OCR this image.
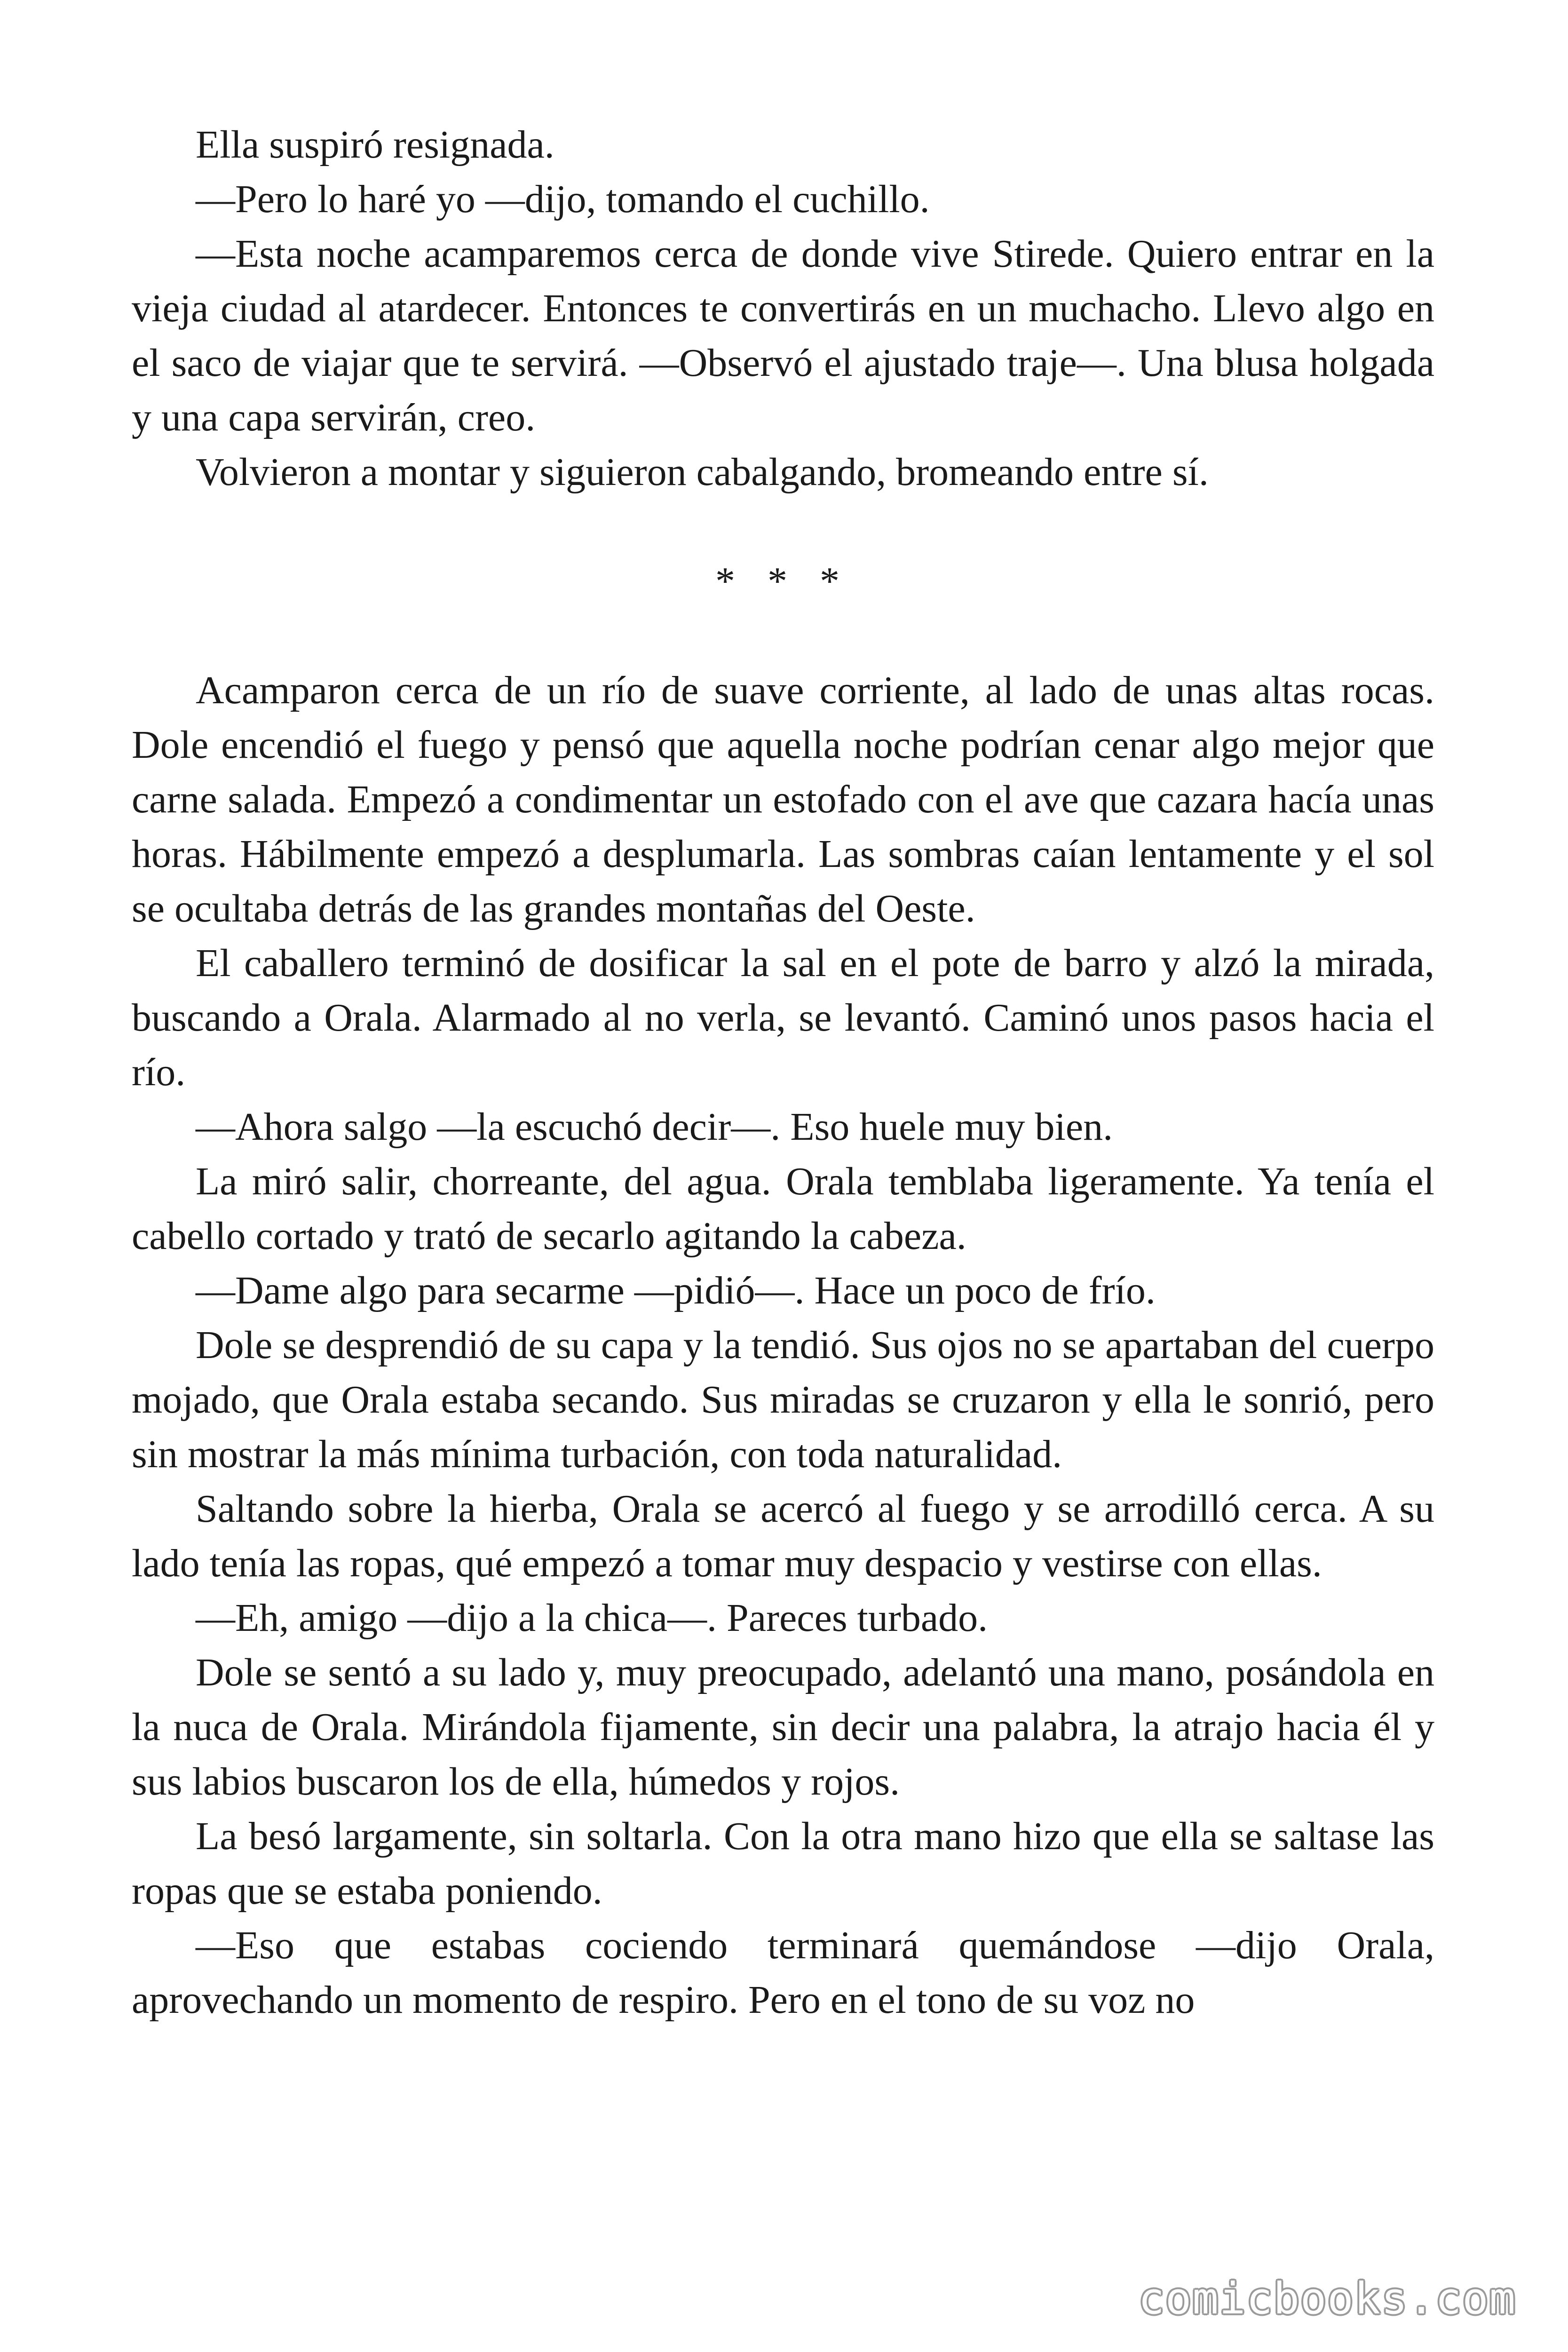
Ella suspiró resignada.

—Pero lo haré yo —dijo, tomando el cuchillo.

—Esta noche acamparemos cerca de donde vive Stirede. Quiero entrar en la vieja ciudad al atardecer. Entonces te convertirás en un muchacho. Llevo algo en el saco de viajar que te servirá. —Observó el ajustado traje—. Una blusa holgada y una capa servirán, creo.

Volvieron a montar y siguieron cabalgando, bromeando entre sí.

* * *

Acamparon cerca de un río de suave corriente, al lado de unas altas rocas. Dole encendió el fuego y pensó que aquella noche podrían cenar algo mejor que carne salada. Empezó a condimentar un estofado con el ave que cazara hacía unas horas. Hábilmente empezó a desplumarla. Las sombras caían lentamente y el sol se ocultaba detrás de las grandes montañas del Oeste.

El caballero terminó de dosificar la sal en el pote de barro y alzó la mirada, buscando a Orala. Alarmado al no verla, se levantó. Caminó unos pasos hacia el río.

—Ahora salgo —la escuchó decir—. Eso huele muy bien.

La miró salir, chorreante, del agua. Orala temblaba ligeramente. Ya tenía el cabello cortado y trató de secarlo agitando la cabeza.

—Dame algo para secarme —pidió—. Hace un poco de frío.

Dole se desprendió de su capa y la tendió. Sus ojos no se apartaban del cuerpo mojado, que Orala estaba secando. Sus miradas se cruzaron y ella le sonrió, pero sin mostrar la más mínima turbación, con toda naturalidad.

Saltando sobre la hierba, Orala se acercó al fuego y se arrodilló cerca. A su lado tenía las ropas, qué empezó a tomar muy despacio y vestirse con ellas.

—Eh, amigo —dijo a la chica—. Pareces turbado.

Dole se sentó a su lado y, muy preocupado, adelantó una mano, posándola en la nuca de Orala. Mirándola fijamente, sin decir una palabra, la atrajo hacia él y sus labios buscaron los de ella, húmedos y rojos.

La besó largamente, sin soltarla. Con la otra mano hizo que ella se saltase las ropas que se estaba poniendo.

—Eso que estabas cociendo terminará quemándose —dijo Orala, aprovechando un momento de respiro. Pero en el tono de su voz no

comicbooks.com
